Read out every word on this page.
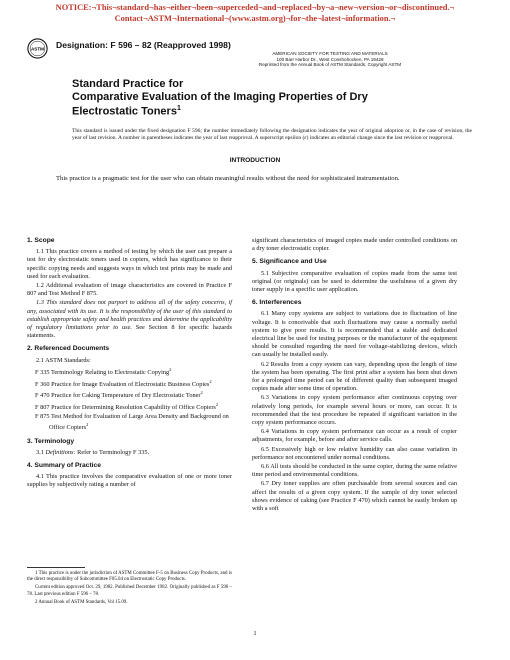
NOTICE:¬This¬standard¬has¬either¬been¬superceded¬and¬replaced¬by¬a¬new¬version¬or¬discontinued.¬
Contact¬ASTM¬International¬(www.astm.org)¬for¬the¬latest¬information.¬
ASTM Designation: F 596 – 82 (Reapproved 1998)
AMERICAN SOCIETY FOR TESTING AND MATERIALS
100 Barr Harbor Dr., West Conshohocken, PA 19428
Reprinted from the Annual Book of ASTM Standards. Copyright ASTM
Standard Practice for
Comparative Evaluation of the Imaging Properties of Dry
Electrostatic Toners$^1$
This standard is issued under the fixed designation F 596; the number immediately following the designation indicates the year of original adoption or, in the case of revision, the year of last revision. A number in parentheses indicates the year of last reapproval. A superscript epsilon (ε) indicates an editorial change since the last revision or reapproval.
INTRODUCTION
This practice is a pragmatic test for the user who can obtain meaningful results without the need for sophisticated instrumentation.
1. Scope

1.1 This practice covers a method of testing by which the user can prepare a test for dry electrostatic toners used in copiers, which has significance to their specific copying needs and suggests ways in which test prints may be made and used for each evaluation.

1.2 Additional evaluation of image characteristics are covered in Practice F 807 and Test Method F 875.

1.3 This standard does not purport to address all of the safety concerns, if any, associated with its use. It is the responsibility of the user of this standard to establish appropriate safety and health practices and determine the applicability of regulatory limitations prior to use. See Section 8 for specific hazards statements.

2. Referenced Documents

2.1 ASTM Standards:

F 335 Terminology Relating to Electrostatic Copying$^2$

F 360 Practice for Image Evaluation of Electrostatic Business Copies$^2$

F 470 Practice for Caking Temperature of Dry Electrostatic Toner$^2$

F 807 Practice for Determining Resolution Capability of Office Copiers$^2$

F 875 Test Method for Evaluation of Large Area Density and Background on Office Copiers$^2$

3. Terminology

3.1 Definitions: Refer to Terminology F 335.

4. Summary of Practice

4.1 This practice involves the comparative evaluation of one or more toner supplies by subjectively rating a number of

significant characteristics of imaged copies made under controlled conditions on a dry toner electrostatic copier.

5. Significance and Use

5.1 Subjective comparative evaluation of copies made from the same test original (or originals) can be used to determine the usefulness of a given dry toner supply in a specific user application.

6. Interferences

6.1 Many copy systems are subject to variations due to fluctuation of line voltage. It is conceivable that such fluctuations may cause a normally useful system to give poor results. It is recommended that a stable and dedicated electrical line be used for testing purposes or the manufacturer of the equipment should be consulted regarding the need for voltage-stabilizing devices, which can usually be installed easily.

6.2 Results from a copy system can vary, depending upon the length of time the system has been operating. The first print after a system has been shut down for a prolonged time period can be of different quality than subsequent imaged copies made after some time of operation.

6.3 Variations in copy system performance after continuous copying over relatively long periods, for example several hours or more, can occur. It is recommended that the test procedure be repeated if significant variation in the copy system performance occurs.

6.4 Variations in copy system performance can occur as a result of copier adjustments, for example, before and after service calls.

6.5 Excessively high or low relative humidity can also cause variation in performance not encountered under normal conditions.

6.6 All tests should be conducted in the same copier, during the same relative time period and environmental conditions.

6.7 Dry toner supplies are often purchasable from several sources and can affect the results of a given copy system. If the sample of dry toner selected shows evidence of caking (see Practice F 470) which cannot be easily broken up with a soft

1 This practice is under the jurisdiction of ASTM Committee F-5 on Business Copy Products, and is the direct responsibility of Subcommittee F05.04 on Electrostatic Copy Products.

Current edition approved Oct. 29, 1982. Published December 1982. Originally published as F 596 – 78. Last previous edition F 596 – 78.

2 Annual Book of ASTM Standards, Vol 15.09.

1
